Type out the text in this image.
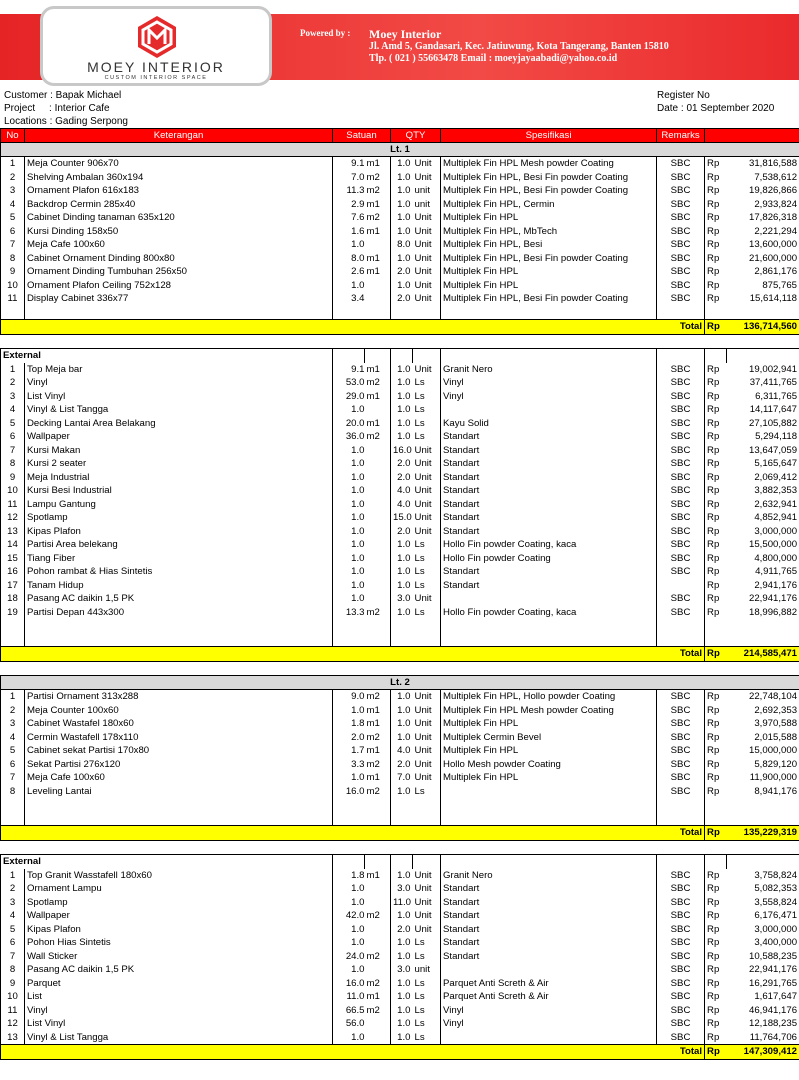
Powered by : Moey Interior
Jl. Amd 5, Gandasari, Kec. Jatiuwung, Kota Tangerang, Banten 15810
Tlp. ( 021 ) 55663478 Email : moeyjayaabadi@yahoo.co.id
MOEY INTERIOR
CUSTOM INTERIOR SPACE
Customer : Bapak Michael
Project     : Interior Cafe
Locations : Gading Serpong
Register No
Date : 01 September 2020
No	Keterangan	Satuan		QTY		Spesifikasi	Remarks		
Lt. 1									
1	Meja Counter 906x70	9.1	m1	1.0	Unit	Multiplek Fin HPL Mesh powder Coating	SBC	Rp	31,816,588
2	Shelving Ambalan 360x194	7.0	m2	1.0	Unit	Multiplek Fin HPL, Besi Fin powder Coating	SBC	Rp	7,538,612
3	Ornament Plafon 616x183	11.3	m2	1.0	unit	Multiplek Fin HPL, Besi Fin powder Coating	SBC	Rp	19,826,866
4	Backdrop Cermin 285x40	2.9	m1	1.0	unit	Multiplek Fin HPL, Cermin	SBC	Rp	2,933,824
5	Cabinet Dinding tanaman 635x120	7.6	m2	1.0	Unit	Multiplek Fin HPL	SBC	Rp	17,826,318
6	Kursi Dinding 158x50	1.6	m1	1.0	Unit	Multiplek Fin HPL, MbTech	SBC	Rp	2,221,294
7	Meja Cafe 100x60	1.0		8.0	Unit	Multiplek Fin HPL, Besi	SBC	Rp	13,600,000
8	Cabinet Ornament Dinding 800x80	8.0	m1	1.0	Unit	Multiplek Fin HPL, Besi Fin powder Coating	SBC	Rp	21,600,000
9	Ornament Dinding Tumbuhan 256x50	2.6	m1	2.0	Unit	Multiplek Fin HPL	SBC	Rp	2,861,176
10	Ornament Plafon Ceiling 752x128	1.0		1.0	Unit	Multiplek Fin HPL	SBC	Rp	875,765
11	Display Cabinet 336x77	3.4		2.0	Unit	Multiplek Fin HPL, Besi Fin powder Coating	SBC	Rp	15,614,118

Total								Rp	136,714,560

External									
1	Top Meja bar	9.1	m1	1.0	Unit	Granit Nero	SBC	Rp	19,002,941
2	Vinyl	53.0	m2	1.0	Ls	Vinyl	SBC	Rp	37,411,765
3	List Vinyl	29.0	m1	1.0	Ls	Vinyl	SBC	Rp	6,311,765
4	Vinyl & List Tangga	1.0		1.0	Ls		SBC	Rp	14,117,647
5	Decking Lantai Area Belakang	20.0	m1	1.0	Ls	Kayu Solid	SBC	Rp	27,105,882
6	Wallpaper	36.0	m2	1.0	Ls	Standart	SBC	Rp	5,294,118
7	Kursi Makan	1.0		16.0	Unit	Standart	SBC	Rp	13,647,059
8	Kursi 2 seater	1.0		2.0	Unit	Standart	SBC	Rp	5,165,647
9	Meja Industrial	1.0		2.0	Unit	Standart	SBC	Rp	2,069,412
10	Kursi Besi Industrial	1.0		4.0	Unit	Standart	SBC	Rp	3,882,353
11	Lampu Gantung	1.0		4.0	Unit	Standart	SBC	Rp	2,632,941
12	Spotlamp	1.0		15.0	Unit	Standart	SBC	Rp	4,852,941
13	Kipas Plafon	1.0		2.0	Unit	Standart	SBC	Rp	3,000,000
14	Partisi Area belekang	1.0		1.0	Ls	Hollo Fin powder Coating, kaca	SBC	Rp	15,500,000
15	Tiang Fiber	1.0		1.0	Ls	Hollo Fin powder Coating	SBC	Rp	4,800,000
16	Pohon rambat & Hias Sintetis	1.0		1.0	Ls	Standart	SBC	Rp	4,911,765
17	Tanam Hidup	1.0		1.0	Ls	Standart		Rp	2,941,176
18	Pasang AC daikin 1,5 PK	1.0		3.0	Unit		SBC	Rp	22,941,176
19	Partisi Depan 443x300	13.3	m2	1.0	Ls	Hollo Fin powder Coating, kaca	SBC	Rp	18,996,882

Total								Rp	214,585,471

Lt. 2									
1	Partisi Ornament 313x288	9.0	m2	1.0	Unit	Multiplek Fin HPL, Hollo powder Coating	SBC	Rp	22,748,104
2	Meja Counter 100x60	1.0	m1	1.0	Unit	Multiplek Fin HPL Mesh powder Coating	SBC	Rp	2,692,353
3	Cabinet Wastafel 180x60	1.8	m1	1.0	Unit	Multiplek Fin HPL	SBC	Rp	3,970,588
4	Cermin Wastafell 178x110	2.0	m2	1.0	Unit	Multiplek Cermin Bevel	SBC	Rp	2,015,588
5	Cabinet sekat Partisi 170x80	1.7	m1	4.0	Unit	Multiplek Fin HPL	SBC	Rp	15,000,000
6	Sekat Partisi 276x120	3.3	m2	2.0	Unit	Hollo Mesh powder Coating	SBC	Rp	5,829,120
7	Meja Cafe 100x60	1.0	m1	7.0	Unit	Multiplek Fin HPL	SBC	Rp	11,900,000
8	Leveling Lantai	16.0	m2	1.0	Ls		SBC	Rp	8,941,176

Total								Rp	135,229,319

External									
1	Top Granit Wasstafell 180x60	1.8	m1	1.0	Unit	Granit Nero	SBC	Rp	3,758,824
2	Ornament Lampu	1.0		3.0	Unit	Standart	SBC	Rp	5,082,353
3	Spotlamp	1.0		11.0	Unit	Standart	SBC	Rp	3,558,824
4	Wallpaper	42.0	m2	1.0	Unit	Standart	SBC	Rp	6,176,471
5	Kipas Plafon	1.0		2.0	Unit	Standart	SBC	Rp	3,000,000
6	Pohon Hias Sintetis	1.0		1.0	Ls	Standart	SBC	Rp	3,400,000
7	Wall Sticker	24.0	m2	1.0	Ls	Standart	SBC	Rp	10,588,235
8	Pasang AC daikin 1,5 PK	1.0		3.0	unit		SBC	Rp	22,941,176
9	Parquet	16.0	m2	1.0	Ls	Parquet Anti Screth & Air	SBC	Rp	16,291,765
10	List	11.0	m1	1.0	Ls	Parquet Anti Screth & Air	SBC	Rp	1,617,647
11	Vinyl	66.5	m2	1.0	Ls	Vinyl	SBC	Rp	46,941,176
12	List Vinyl	56.0		1.0	Ls	Vinyl	SBC	Rp	12,188,235
13	Vinyl & List Tangga	1.0		1.0	Ls		SBC	Rp	11,764,706
Total								Rp	147,309,412
